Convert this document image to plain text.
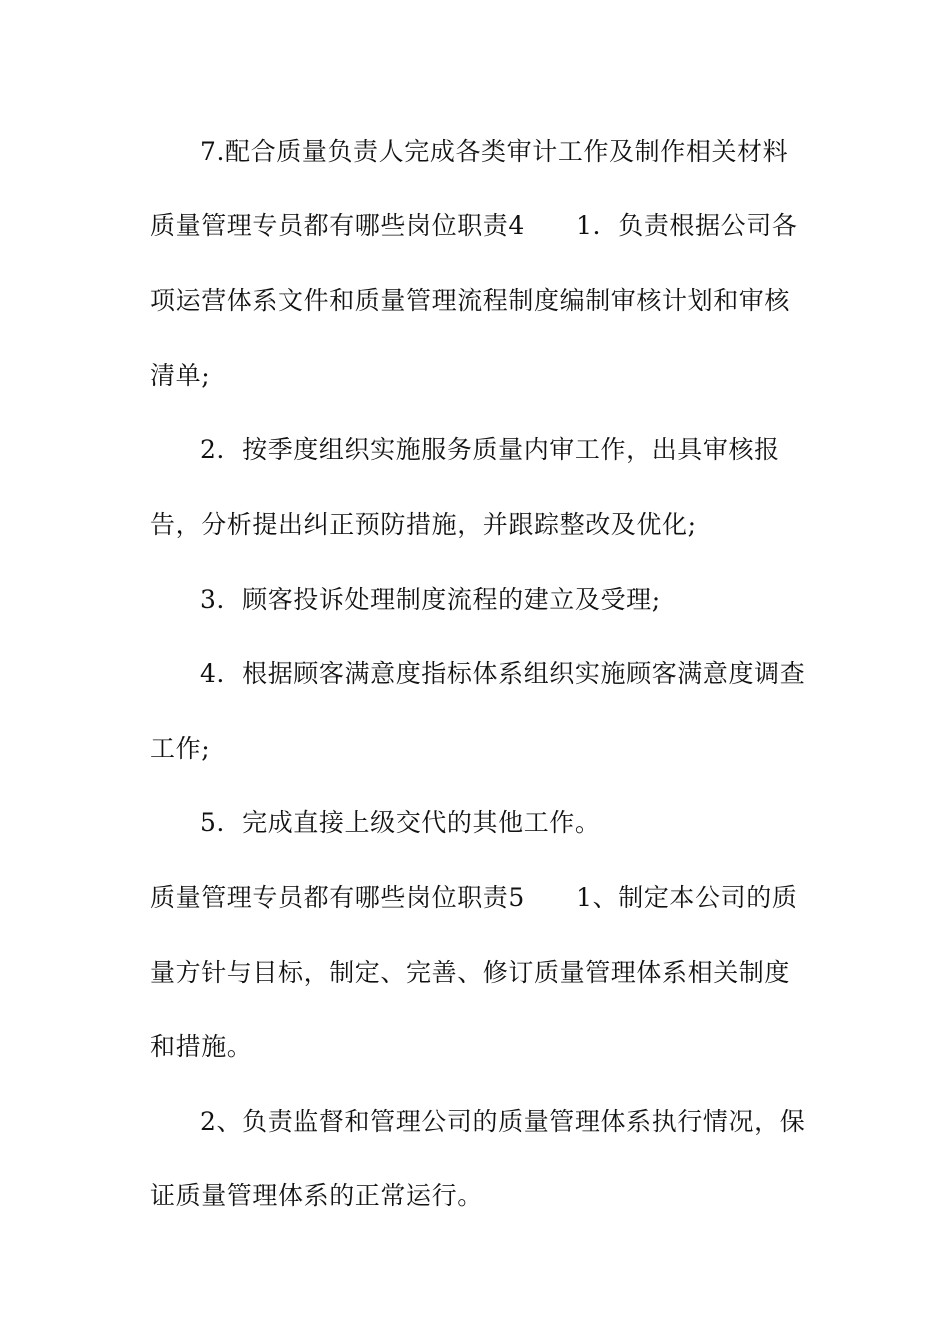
7.配合质量负责人完成各类审计工作及制作相关材料
质量管理专员都有哪些岗位职责4　　1．负责根据公司各
项运营体系文件和质量管理流程制度编制审核计划和审核
清单;
2．按季度组织实施服务质量内审工作，出具审核报
告，分析提出纠正预防措施，并跟踪整改及优化;
3．顾客投诉处理制度流程的建立及受理;
4．根据顾客满意度指标体系组织实施顾客满意度调查
工作;
5．完成直接上级交代的其他工作。
质量管理专员都有哪些岗位职责5　　1、制定本公司的质
量方针与目标，制定、完善、修订质量管理体系相关制度
和措施。
2、负责监督和管理公司的质量管理体系执行情况，保
证质量管理体系的正常运行。
